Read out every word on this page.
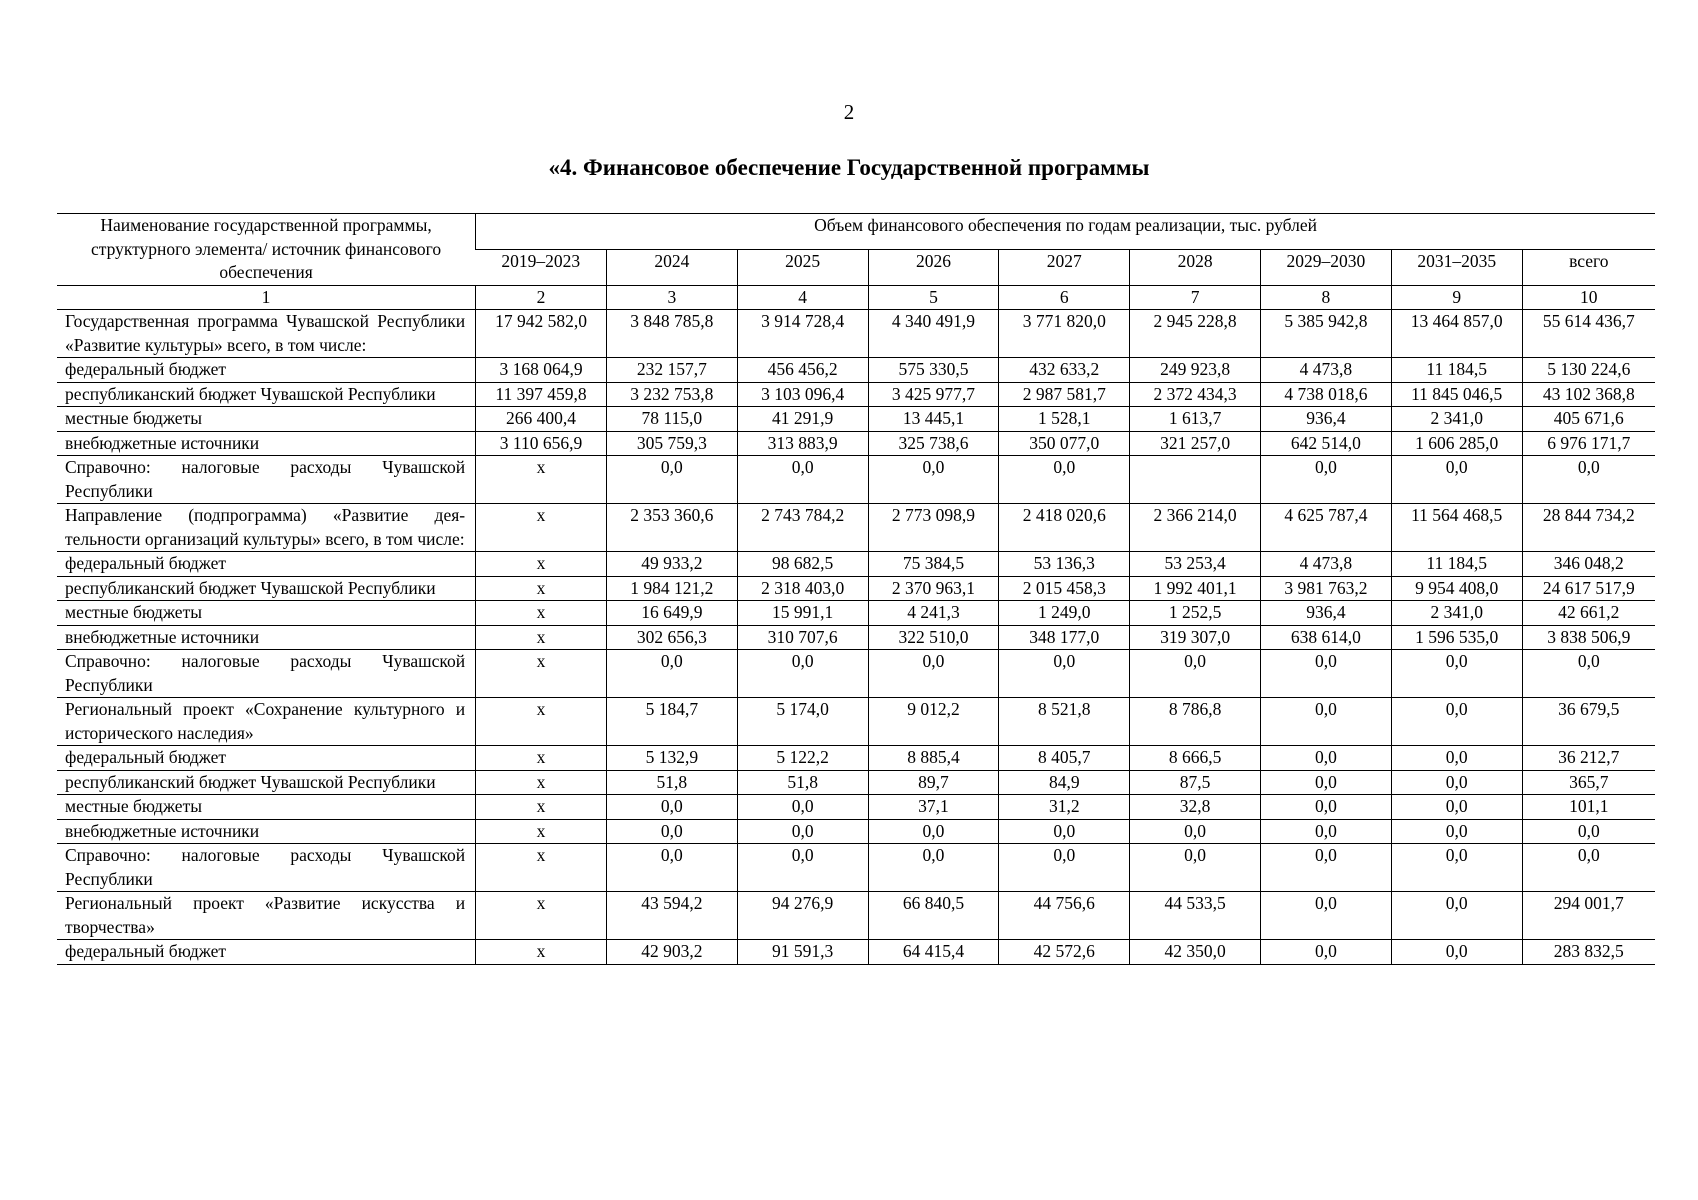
2
«4. Финансовое обеспечение Государственной программы
Наименование государственной программы, структурного элемента/ источник финансового обеспечения	Объем финансового обеспечения по годам реализации, тыс. рублей								
	2019–2023	2024	2025	2026	2027	2028	2029–2030	2031–2035	всего
1	2	3	4	5	6	7	8	9	10
Государственная программа Чувашской Республики «Развитие культуры» всего, в том числе:	17 942 582,0	3 848 785,8	3 914 728,4	4 340 491,9	3 771 820,0	2 945 228,8	5 385 942,8	13 464 857,0	55 614 436,7
федеральный бюджет	3 168 064,9	232 157,7	456 456,2	575 330,5	432 633,2	249 923,8	4 473,8	11 184,5	5 130 224,6
республиканский бюджет Чувашской Республики	11 397 459,8	3 232 753,8	3 103 096,4	3 425 977,7	2 987 581,7	2 372 434,3	4 738 018,6	11 845 046,5	43 102 368,8
местные бюджеты	266 400,4	78 115,0	41 291,9	13 445,1	1 528,1	1 613,7	936,4	2 341,0	405 671,6
внебюджетные источники	3 110 656,9	305 759,3	313 883,9	325 738,6	350 077,0	321 257,0	642 514,0	1 606 285,0	6 976 171,7
Справочно: налоговые расходы Чувашской Республики	x	0,0	0,0	0,0	0,0		0,0	0,0	0,0
Направление (подпрограмма) «Развитие деятельности организаций культуры» всего, в том числе:	x	2 353 360,6	2 743 784,2	2 773 098,9	2 418 020,6	2 366 214,0	4 625 787,4	11 564 468,5	28 844 734,2
федеральный бюджет	x	49 933,2	98 682,5	75 384,5	53 136,3	53 253,4	4 473,8	11 184,5	346 048,2
республиканский бюджет Чувашской Республики	x	1 984 121,2	2 318 403,0	2 370 963,1	2 015 458,3	1 992 401,1	3 981 763,2	9 954 408,0	24 617 517,9
местные бюджеты	x	16 649,9	15 991,1	4 241,3	1 249,0	1 252,5	936,4	2 341,0	42 661,2
внебюджетные источники	x	302 656,3	310 707,6	322 510,0	348 177,0	319 307,0	638 614,0	1 596 535,0	3 838 506,9
Справочно: налоговые расходы Чувашской Республики	x	0,0	0,0	0,0	0,0	0,0	0,0	0,0	0,0
Региональный проект «Сохранение культурного и исторического наследия»	x	5 184,7	5 174,0	9 012,2	8 521,8	8 786,8	0,0	0,0	36 679,5
федеральный бюджет	x	5 132,9	5 122,2	8 885,4	8 405,7	8 666,5	0,0	0,0	36 212,7
республиканский бюджет Чувашской Республики	x	51,8	51,8	89,7	84,9	87,5	0,0	0,0	365,7
местные бюджеты	x	0,0	0,0	37,1	31,2	32,8	0,0	0,0	101,1
внебюджетные источники	x	0,0	0,0	0,0	0,0	0,0	0,0	0,0	0,0
Справочно: налоговые расходы Чувашской Республики	x	0,0	0,0	0,0	0,0	0,0	0,0	0,0	0,0
Региональный проект «Развитие искусства и творчества»	x	43 594,2	94 276,9	66 840,5	44 756,6	44 533,5	0,0	0,0	294 001,7
федеральный бюджет	x	42 903,2	91 591,3	64 415,4	42 572,6	42 350,0	0,0	0,0	283 832,5
